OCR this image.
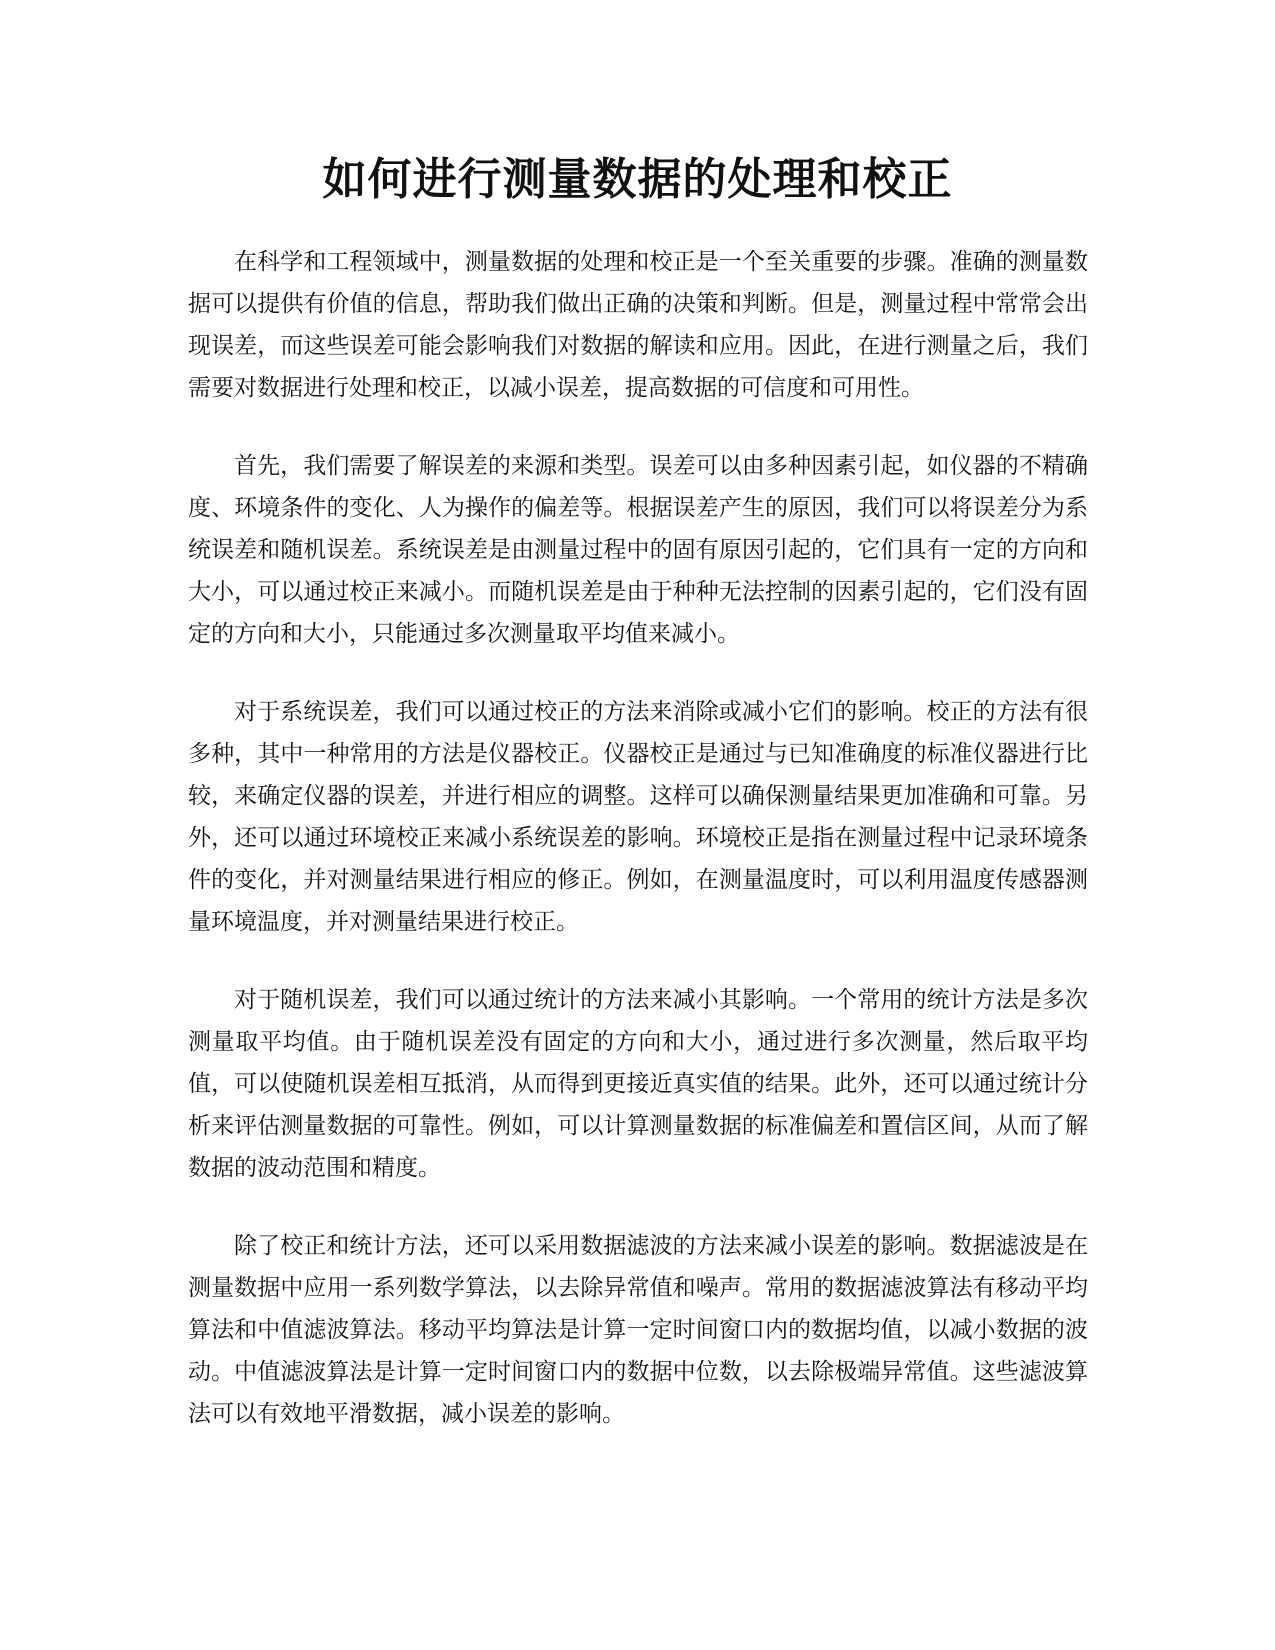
如何进行测量数据的处理和校正

在科学和工程领域中，测量数据的处理和校正是一个至关重要的步骤。准确的测量数据可以提供有价值的信息，帮助我们做出正确的决策和判断。但是，测量过程中常常会出现误差，而这些误差可能会影响我们对数据的解读和应用。因此，在进行测量之后，我们需要对数据进行处理和校正，以减小误差，提高数据的可信度和可用性。

首先，我们需要了解误差的来源和类型。误差可以由多种因素引起，如仪器的不精确度、环境条件的变化、人为操作的偏差等。根据误差产生的原因，我们可以将误差分为系统误差和随机误差。系统误差是由测量过程中的固有原因引起的，它们具有一定的方向和大小，可以通过校正来减小。而随机误差是由于种种无法控制的因素引起的，它们没有固定的方向和大小，只能通过多次测量取平均值来减小。

对于系统误差，我们可以通过校正的方法来消除或减小它们的影响。校正的方法有很多种，其中一种常用的方法是仪器校正。仪器校正是通过与已知准确度的标准仪器进行比较，来确定仪器的误差，并进行相应的调整。这样可以确保测量结果更加准确和可靠。另外，还可以通过环境校正来减小系统误差的影响。环境校正是指在测量过程中记录环境条件的变化，并对测量结果进行相应的修正。例如，在测量温度时，可以利用温度传感器测量环境温度，并对测量结果进行校正。

对于随机误差，我们可以通过统计的方法来减小其影响。一个常用的统计方法是多次测量取平均值。由于随机误差没有固定的方向和大小，通过进行多次测量，然后取平均值，可以使随机误差相互抵消，从而得到更接近真实值的结果。此外，还可以通过统计分析来评估测量数据的可靠性。例如，可以计算测量数据的标准偏差和置信区间，从而了解数据的波动范围和精度。

除了校正和统计方法，还可以采用数据滤波的方法来减小误差的影响。数据滤波是在测量数据中应用一系列数学算法，以去除异常值和噪声。常用的数据滤波算法有移动平均算法和中值滤波算法。移动平均算法是计算一定时间窗口内的数据均值，以减小数据的波动。中值滤波算法是计算一定时间窗口内的数据中位数，以去除极端异常值。这些滤波算法可以有效地平滑数据，减小误差的影响。
